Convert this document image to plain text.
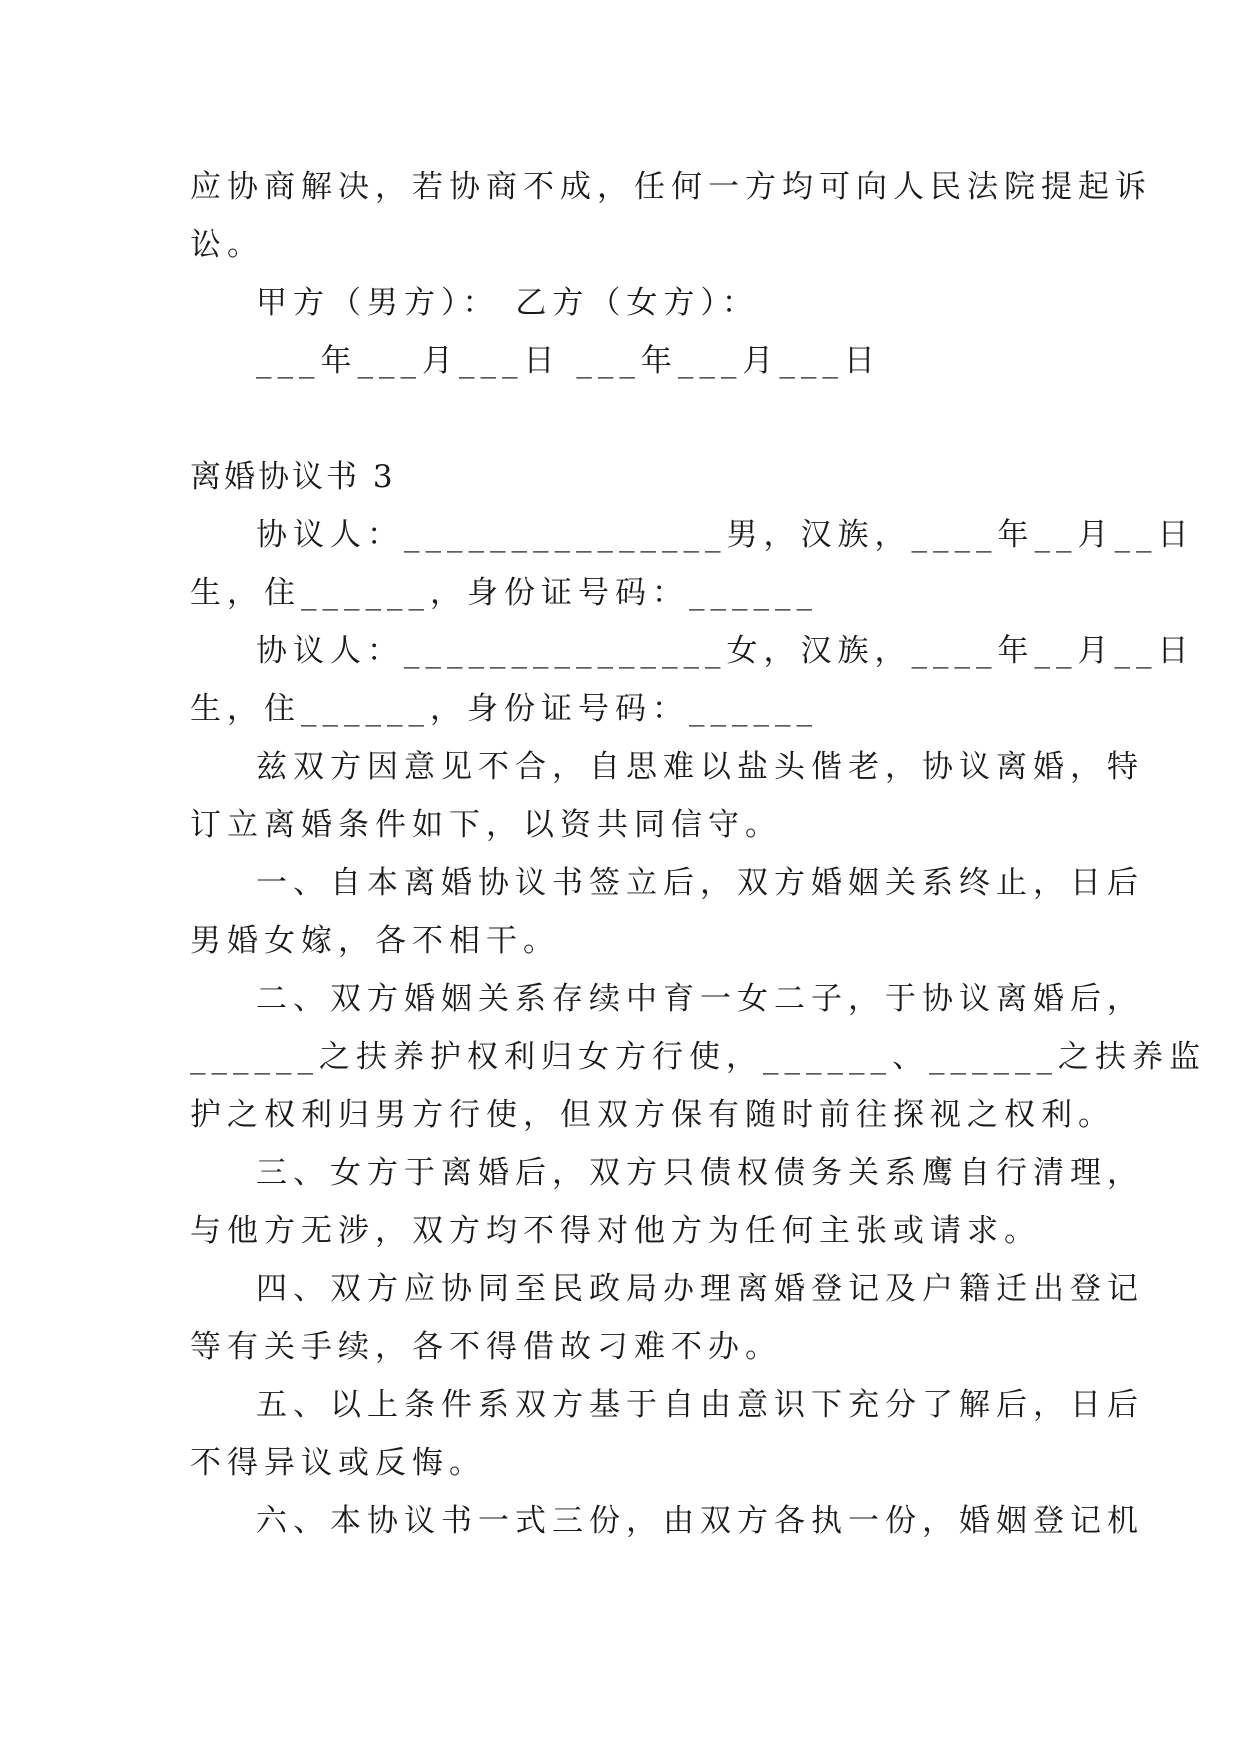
应协商解决，若协商不成，任何一方均可向人民法院提起诉
讼。
甲方（男方）： 乙方（女方）：
___年___月___日 ___年___月___日
离婚协议书 3
协议人：_______________男，汉族，____年__月__日
生，住______，身份证号码：______
协议人：_______________女，汉族，____年__月__日
生，住______，身份证号码：______
兹双方因意见不合，自思难以盐头偕老，协议离婚，特
订立离婚条件如下，以资共同信守。
一、自本离婚协议书签立后，双方婚姻关系终止，日后
男婚女嫁，各不相干。
二、双方婚姻关系存续中育一女二子，于协议离婚后，
______之扶养护权利归女方行使，______、______之扶养监
护之权利归男方行使，但双方保有随时前往探视之权利。
三、女方于离婚后，双方只债权债务关系鹰自行清理，
与他方无涉，双方均不得对他方为任何主张或请求。
四、双方应协同至民政局办理离婚登记及户籍迁出登记
等有关手续，各不得借故刁难不办。
五、以上条件系双方基于自由意识下充分了解后，日后
不得异议或反悔。
六、本协议书一式三份，由双方各执一份，婚姻登记机
